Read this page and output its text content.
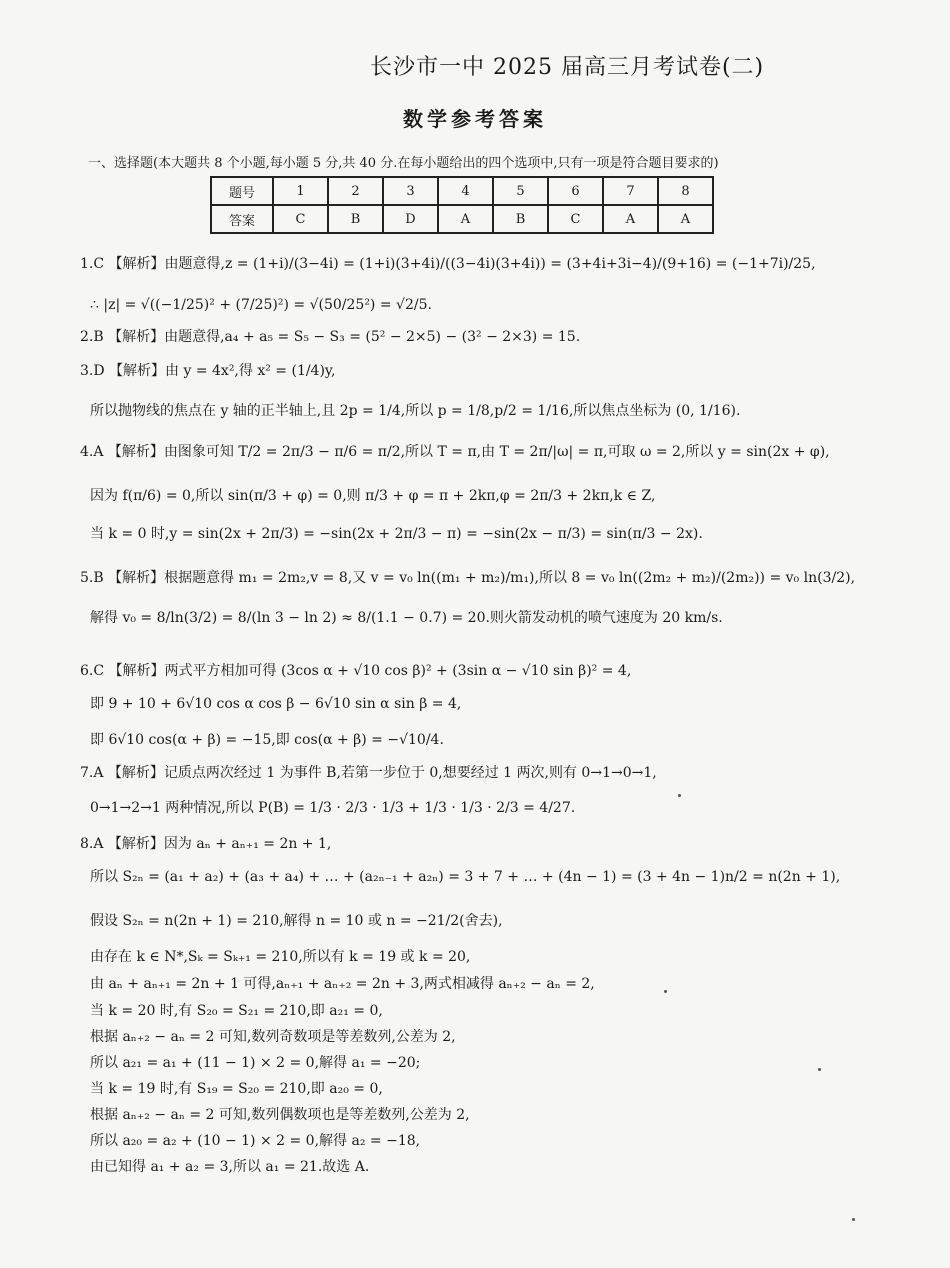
长沙市一中 2025 届高三月考试卷(二)
数学参考答案
一、选择题(本大题共 8 个小题,每小题 5 分,共 40 分.在每小题给出的四个选项中,只有一项是符合题目要求的)
题号	1	2	3	4	5	6	7	8
答案	C	B	D	A	B	C	A	A
1.C 【解析】由题意得,z = (1+i)/(3−4i) = (1+i)(3+4i)/((3−4i)(3+4i)) = (3+4i+3i−4)/(9+16) = (−1+7i)/25,
∴ |z| = √((−1/25)² + (7/25)²) = √(50/25²) = √2/5.
2.B 【解析】由题意得,a₄ + a₅ = S₅ − S₃ = (5² − 2×5) − (3² − 2×3) = 15.
3.D 【解析】由 y = 4x²,得 x² = (1/4)y,
所以抛物线的焦点在 y 轴的正半轴上,且 2p = 1/4,所以 p = 1/8,p/2 = 1/16,所以焦点坐标为 (0, 1/16).
4.A 【解析】由图象可知 T/2 = 2π/3 − π/6 = π/2,所以 T = π,由 T = 2π/|ω| = π,可取 ω = 2,所以 y = sin(2x + φ),
因为 f(π/6) = 0,所以 sin(π/3 + φ) = 0,则 π/3 + φ = π + 2kπ,φ = 2π/3 + 2kπ,k ∈ Z,
当 k = 0 时,y = sin(2x + 2π/3) = −sin(2x + 2π/3 − π) = −sin(2x − π/3) = sin(π/3 − 2x).
5.B 【解析】根据题意得 m₁ = 2m₂,v = 8,又 v = v₀ ln((m₁ + m₂)/m₁),所以 8 = v₀ ln((2m₂ + m₂)/(2m₂)) = v₀ ln(3/2),
解得 v₀ = 8/ln(3/2) = 8/(ln 3 − ln 2) ≈ 8/(1.1 − 0.7) = 20.则火箭发动机的喷气速度为 20 km/s.
6.C 【解析】两式平方相加可得 (3cos α + √10 cos β)² + (3sin α − √10 sin β)² = 4,
即 9 + 10 + 6√10 cos α cos β − 6√10 sin α sin β = 4,
即 6√10 cos(α + β) = −15,即 cos(α + β) = −√10/4.
7.A 【解析】记质点两次经过 1 为事件 B,若第一步位于 0,想要经过 1 两次,则有 0→1→0→1,
0→1→2→1 两种情况,所以 P(B) = 1/3 · 2/3 · 1/3 + 1/3 · 1/3 · 2/3 = 4/27.
8.A 【解析】因为 aₙ + aₙ₊₁ = 2n + 1,
所以 S₂ₙ = (a₁ + a₂) + (a₃ + a₄) + … + (a₂ₙ₋₁ + a₂ₙ) = 3 + 7 + … + (4n − 1) = (3 + 4n − 1)n/2 = n(2n + 1),
假设 S₂ₙ = n(2n + 1) = 210,解得 n = 10 或 n = −21/2(舍去),
由存在 k ∈ N*,Sₖ = Sₖ₊₁ = 210,所以有 k = 19 或 k = 20,
由 aₙ + aₙ₊₁ = 2n + 1 可得,aₙ₊₁ + aₙ₊₂ = 2n + 3,两式相减得 aₙ₊₂ − aₙ = 2,
当 k = 20 时,有 S₂₀ = S₂₁ = 210,即 a₂₁ = 0,
根据 aₙ₊₂ − aₙ = 2 可知,数列奇数项是等差数列,公差为 2,
所以 a₂₁ = a₁ + (11 − 1) × 2 = 0,解得 a₁ = −20;
当 k = 19 时,有 S₁₉ = S₂₀ = 210,即 a₂₀ = 0,
根据 aₙ₊₂ − aₙ = 2 可知,数列偶数项也是等差数列,公差为 2,
所以 a₂₀ = a₂ + (10 − 1) × 2 = 0,解得 a₂ = −18,
由已知得 a₁ + a₂ = 3,所以 a₁ = 21.故选 A.
